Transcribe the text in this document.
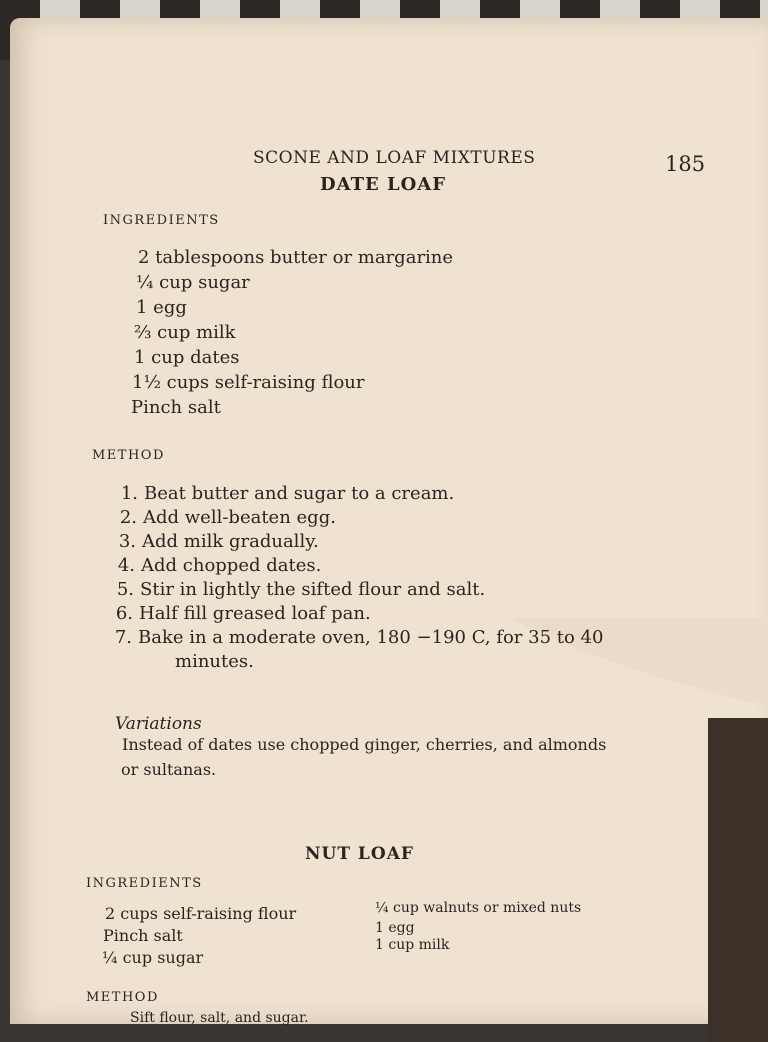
SCONE AND LOAF MIXTURES	185
DATE LOAF
INGREDIENTS
2 tablespoons butter or margarine
¼ cup sugar
1 egg
⅔ cup milk
1 cup dates
1½ cups self-raising flour
Pinch salt
METHOD
1. Beat butter and sugar to a cream.
2. Add well-beaten egg.
3. Add milk gradually.
4. Add chopped dates.
5. Stir in lightly the sifted flour and salt.
6. Half fill greased loaf pan.
7. Bake in a moderate oven, 180 −190 C, for 35 to 40
minutes.
Variations
Instead of dates use chopped ginger, cherries, and almonds
or sultanas.
NUT LOAF
INGREDIENTS
2 cups self-raising flour
Pinch salt
¼ cup sugar
¼ cup walnuts or mixed nuts
1 egg
1 cup milk
METHOD
Sift flour, salt, and sugar.
